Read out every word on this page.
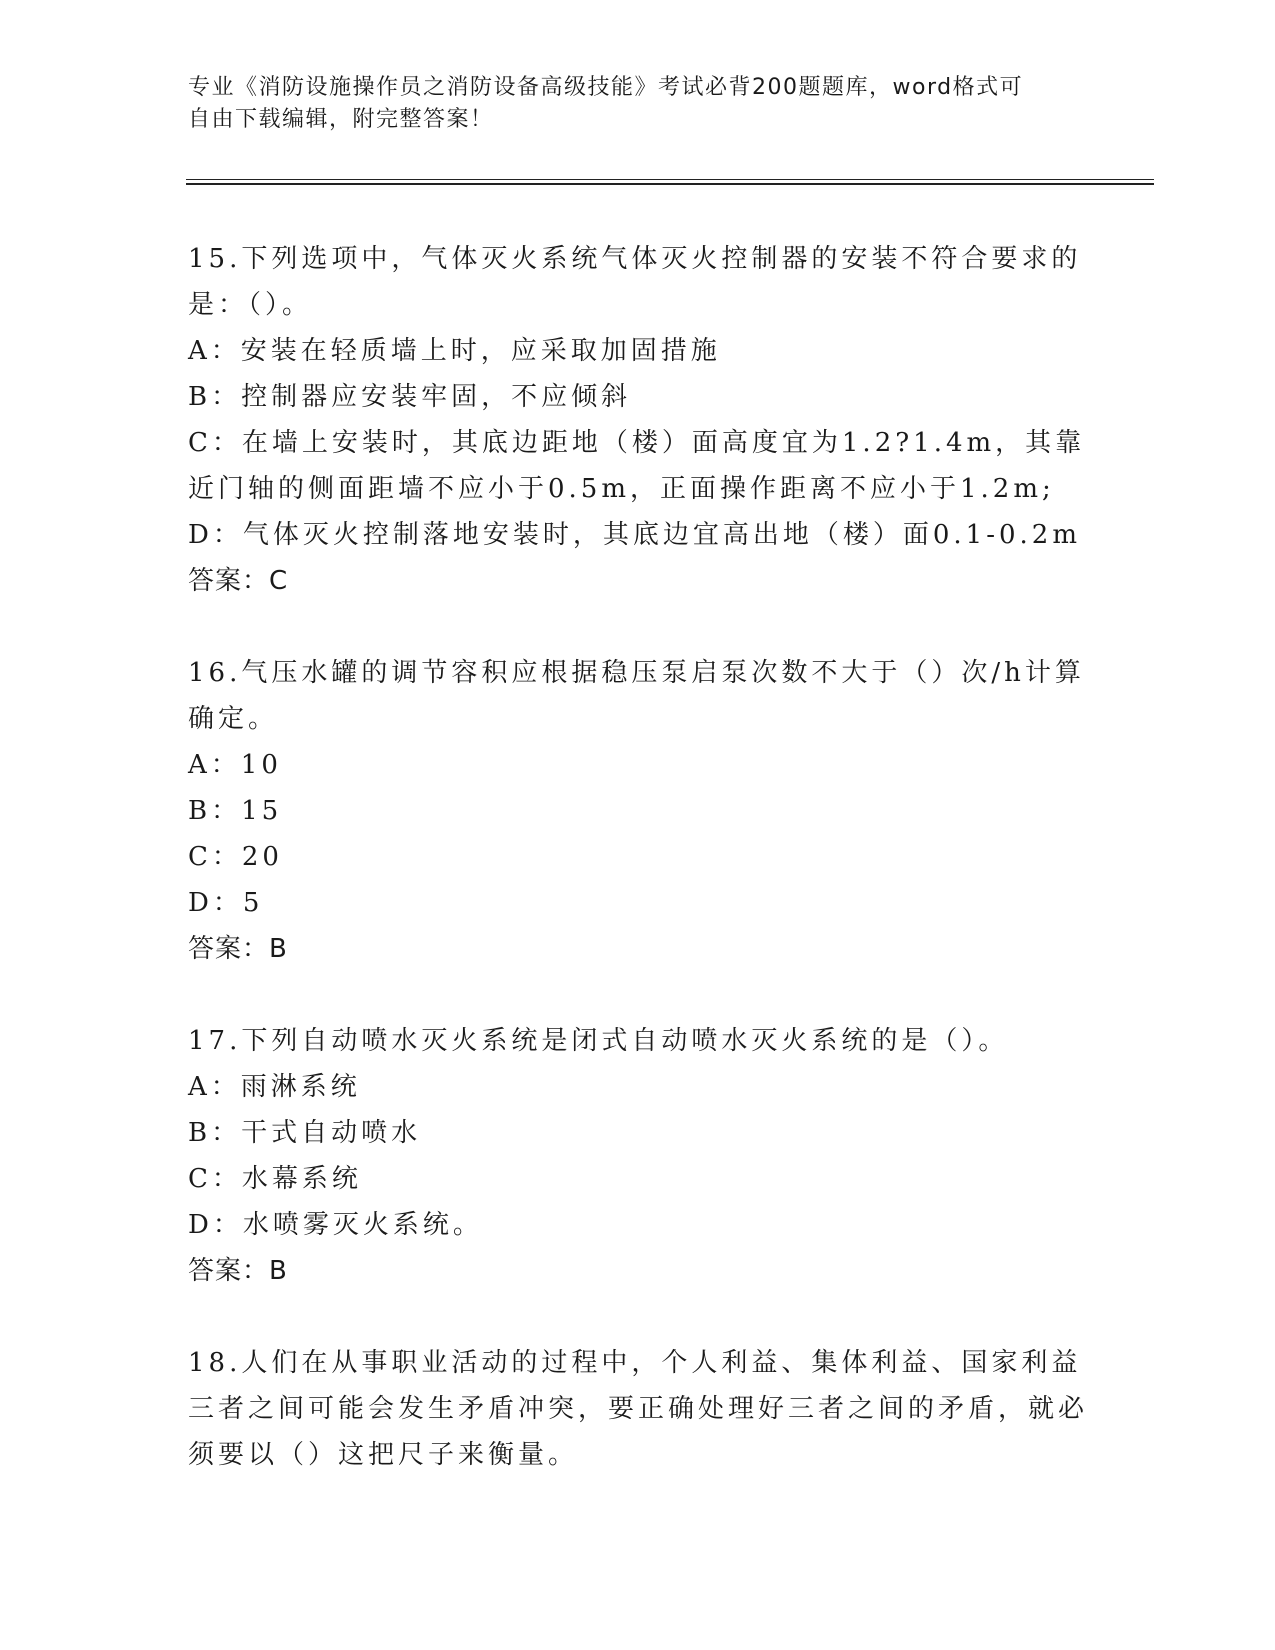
专业《消防设施操作员之消防设备高级技能》考试必背200题题库，word格式可
自由下载编辑，附完整答案！

15.下列选项中，气体灭火系统气体灭火控制器的安装不符合要求的是：（）。

A：安装在轻质墙上时，应采取加固措施

B：控制器应安装牢固，不应倾斜

C：在墙上安装时，其底边距地（楼）面高度宜为1.2?1.4m，其靠近门轴的侧面距墙不应小于0.5m，正面操作距离不应小于1.2m;

D：气体灭火控制落地安装时，其底边宜高出地（楼）面0.1-0.2m

答案：C

16.气压水罐的调节容积应根据稳压泵启泵次数不大于（）次/h计算确定。

A：10

B：15

C：20

D：5

答案：B

17.下列自动喷水灭火系统是闭式自动喷水灭火系统的是（）。

A：雨淋系统

B：干式自动喷水

C：水幕系统

D：水喷雾灭火系统。

答案：B

18.人们在从事职业活动的过程中，个人利益、集体利益、国家利益三者之间可能会发生矛盾冲突，要正确处理好三者之间的矛盾，就必须要以（）这把尺子来衡量。
